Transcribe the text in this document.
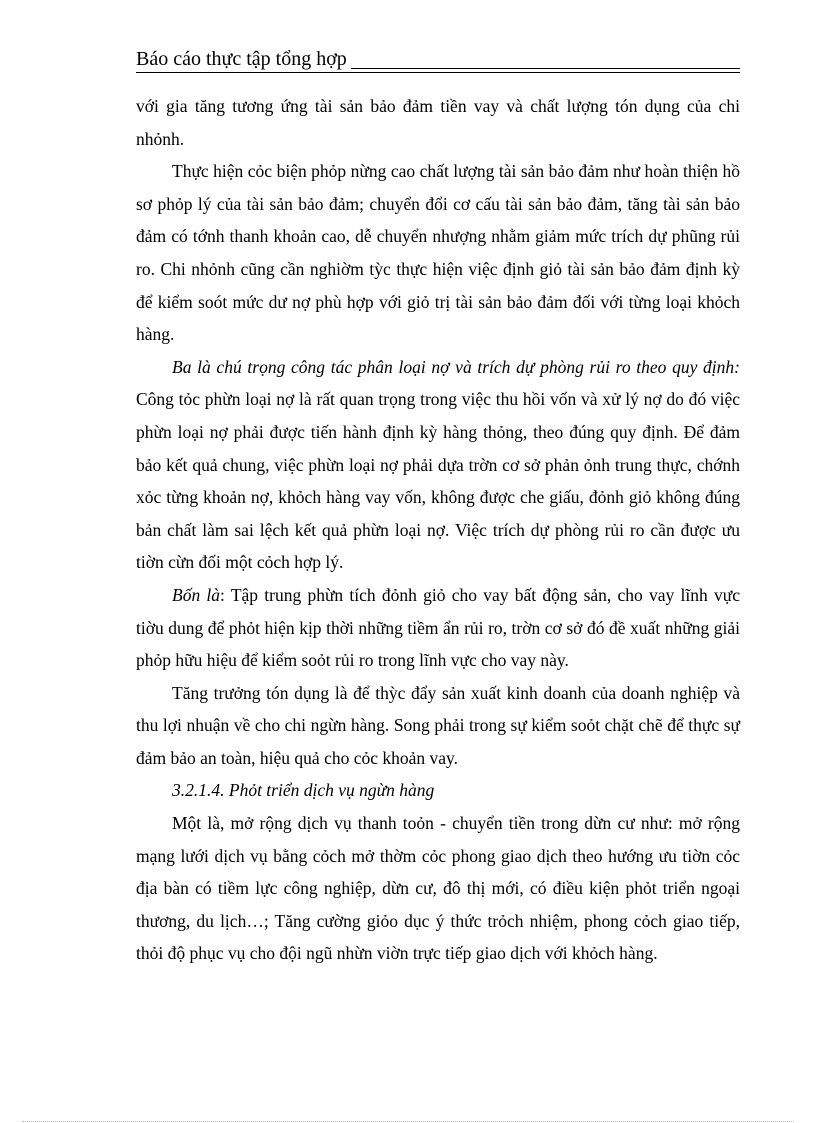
Báo cáo thực tập tổng hợp

với gia tăng tương ứng tài sản bảo đảm tiền vay và chất lượng tón dụng của chi nhỏnh.

Thực hiện cỏc biện phỏp nừng cao chất lượng tài sản bảo đảm như hoàn thiện hồ sơ phỏp lý của tài sản bảo đảm; chuyển đổi cơ cấu tài sản bảo đảm, tăng tài sản bảo đảm có tớnh thanh khoản cao, dễ chuyển nhượng nhằm giảm mức trích dự phũng rủi ro. Chi nhỏnh cũng cần nghiờm tỳc thực hiện việc định giỏ tài sản bảo đảm định kỳ để kiểm soót mức dư nợ phù hợp với giỏ trị tài sản bảo đảm đối với từng loại khỏch hàng.

Ba là chú trọng công tác phân loại nợ và trích dự phòng rủi ro theo quy định: Công tỏc phừn loại nợ là rất quan trọng trong việc thu hồi vốn và xử lý nợ do đó việc phừn loại nợ phải được tiến hành định kỳ hàng thỏng, theo đúng quy định. Để đảm bảo kết quả chung, việc phừn loại nợ phải dựa trờn cơ sở phản ỏnh trung thực, chớnh xỏc từng khoản nợ, khỏch hàng vay vốn, không được che giấu, đỏnh giỏ không đúng bản chất làm sai lệch kết quả phừn loại nợ. Việc trích dự phòng rủi ro cần được ưu tiờn cừn đối một cỏch hợp lý.

Bốn là: Tập trung phừn tích đỏnh giỏ cho vay bất động sản, cho vay lĩnh vực tiờu dung để phỏt hiện kịp thời những tiềm ẩn rủi ro, trờn cơ sở đó đề xuất những giải phỏp hữu hiệu để kiểm soỏt rủi ro trong lĩnh vực cho vay này.

Tăng trưởng tón dụng là để thỳc đẩy sản xuất kinh doanh của doanh nghiệp và thu lợi nhuận về cho chi ngừn hàng. Song phải trong sự kiểm soỏt chặt chẽ để thực sự đảm bảo an toàn, hiệu quả cho cỏc khoản vay.

3.2.1.4. Phỏt triển dịch vụ ngừn hàng

Một là, mở rộng dịch vụ thanh toỏn - chuyển tiền trong dừn cư như: mở rộng mạng lưới dịch vụ bằng cỏch mở thờm cỏc phong giao dịch theo hướng ưu tiờn cỏc địa bàn có tiềm lực công nghiệp, dừn cư, đô thị mới, có điều kiện phỏt triển ngoại thương, du lịch…; Tăng cường giỏo dục ý thức trỏch nhiệm, phong cỏch giao tiếp, thỏi độ phục vụ cho đội ngũ nhừn viờn trực tiếp giao dịch với khỏch hàng.
